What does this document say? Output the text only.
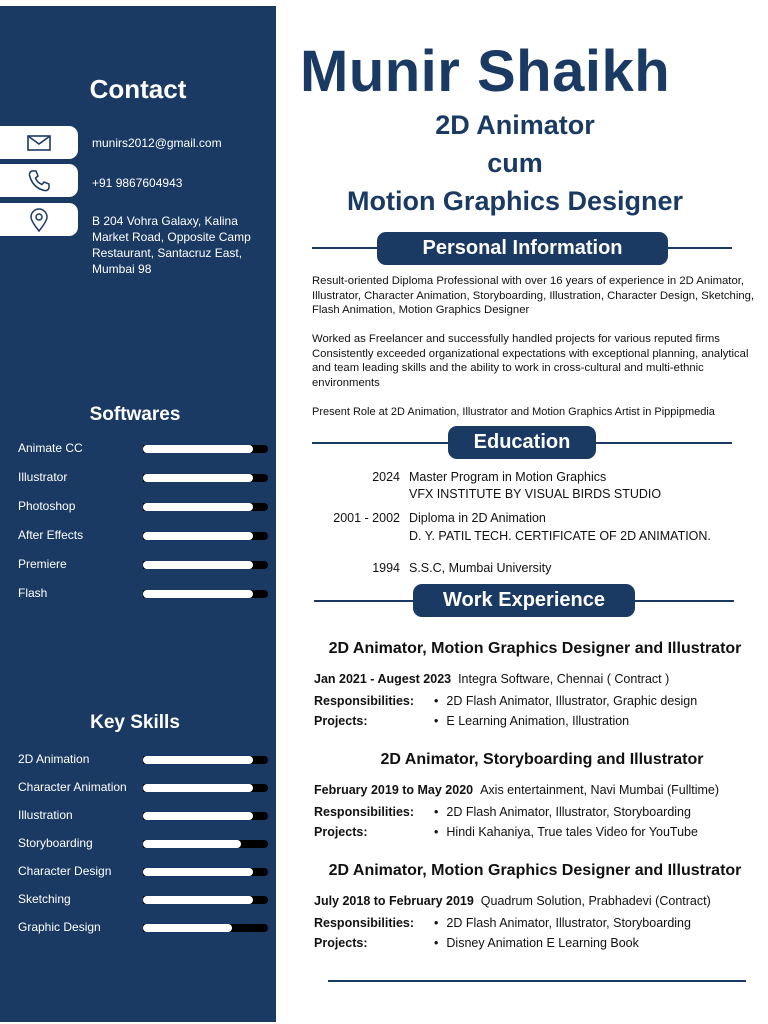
Contact
munirs2012@gmail.com
+91 9867604943
B 204 Vohra Galaxy, Kalina Market Road, Opposite Camp Restaurant, Santacruz East, Mumbai 98
Softwares
Animate CC
Illustrator
Photoshop
After Effects
Premiere
Flash
Key Skills
2D Animation
Character Animation
Illustration
Storyboarding
Character Design
Sketching
Graphic Design
Munir Shaikh
2D Animator
cum
Motion Graphics Designer
Personal Information
Result-oriented Diploma Professional with over 16 years of experience in 2D Animator, Illustrator, Character Animation, Storyboarding, Illustration, Character Design, Sketching, Flash Animation, Motion Graphics Designer
Worked as Freelancer and successfully handled projects for various reputed firms Consistently exceeded organizational expectations with exceptional planning, analytical and team leading skills and the ability to work in cross-cultural and multi-ethnic environments
Present Role at 2D Animation, Illustrator and Motion Graphics Artist in Pippipmedia
Education
2024 Master Program in Motion Graphics
VFX INSTITUTE BY VISUAL BIRDS STUDIO
2001 - 2002 Diploma in 2D Animation
D. Y. PATIL TECH. CERTIFICATE OF 2D ANIMATION.
1994 S.S.C, Mumbai University
Work Experience
2D Animator, Motion Graphics Designer and Illustrator
Jan 2021 - Augest 2023 Integra Software, Chennai ( Contract )
Responsibilities:	• 2D Flash Animator, Illustrator, Graphic design
Projects:	• E Learning Animation, Illustration
2D Animator, Storyboarding and Illustrator
February 2019 to May 2020 Axis entertainment, Navi Mumbai (Fulltime)
Responsibilities:	• 2D Flash Animator, Illustrator, Storyboarding
Projects:	• Hindi Kahaniya, True tales Video for YouTube
2D Animator, Motion Graphics Designer and Illustrator
July 2018 to February 2019 Quadrum Solution, Prabhadevi (Contract)
Responsibilities:	• 2D Flash Animator, Illustrator, Storyboarding
Projects:	• Disney Animation E Learning Book
